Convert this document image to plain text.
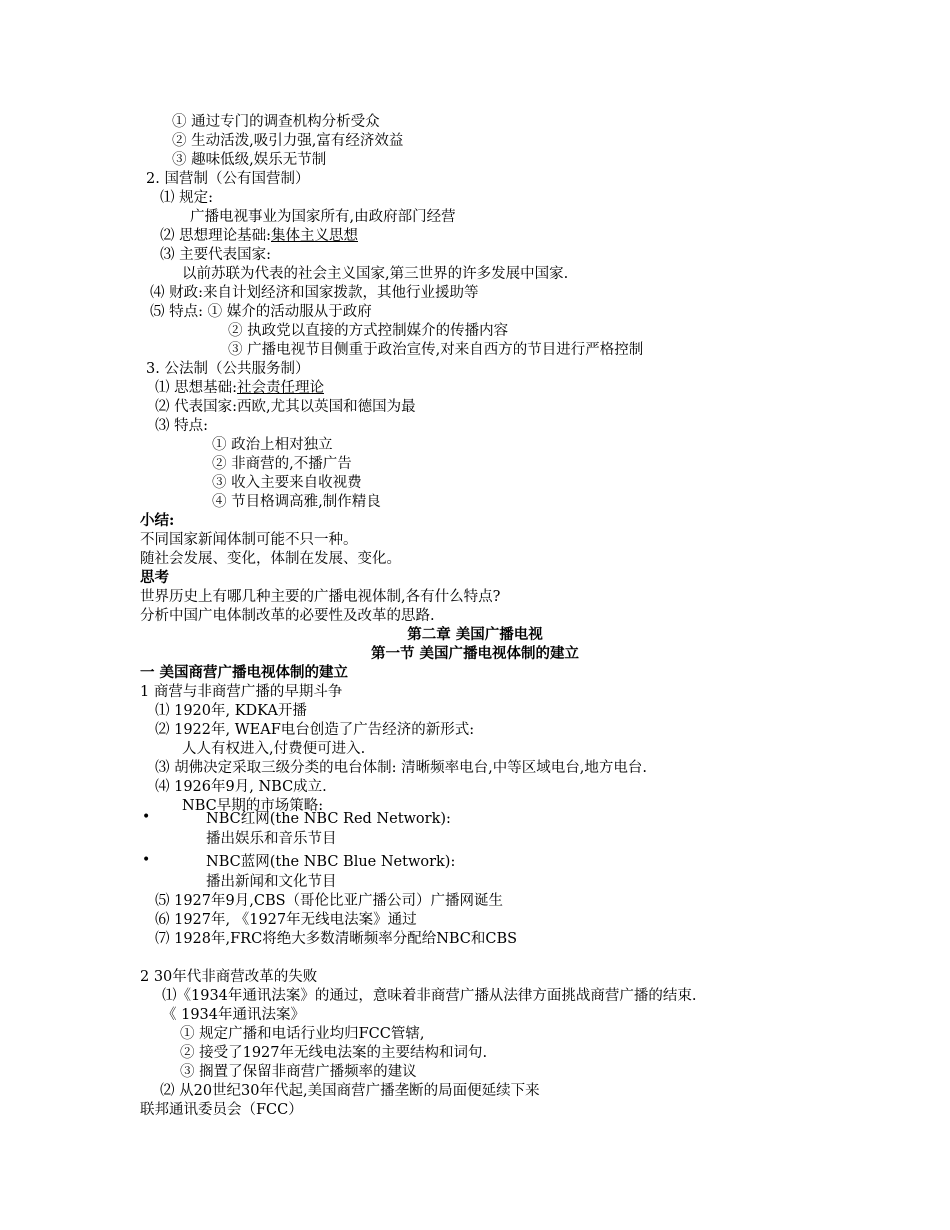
① 通过专门的调查机构分析受众
② 生动活泼,吸引力强,富有经济效益
③ 趣味低级,娱乐无节制
2. 国营制（公有国营制）
⑴ 规定:
广播电视事业为国家所有,由政府部门经营
⑵ 思想理论基础:集体主义思想
⑶ 主要代表国家:
以前苏联为代表的社会主义国家,第三世界的许多发展中国家.
⑷ 财政:来自计划经济和国家拨款，其他行业援助等
⑸ 特点: ① 媒介的活动服从于政府
② 执政党以直接的方式控制媒介的传播内容
③ 广播电视节目侧重于政治宣传,对来自西方的节目进行严格控制
3. 公法制（公共服务制）
⑴ 思想基础:社会责任理论
⑵ 代表国家:西欧,尤其以英国和德国为最
⑶ 特点:
① 政治上相对独立
② 非商营的,不播广告
③ 收入主要来自收视费
④ 节目格调高雅,制作精良
小结:
不同国家新闻体制可能不只一种。
随社会发展、变化，体制在发展、变化。
思考
世界历史上有哪几种主要的广播电视体制,各有什么特点?
分析中国广电体制改革的必要性及改革的思路.
第二章 美国广播电视
第一节 美国广播电视体制的建立
一 美国商营广播电视体制的建立
1 商营与非商营广播的早期斗争
⑴ 1920年, KDKA开播
⑵ 1922年, WEAF电台创造了广告经济的新形式:
人人有权进入,付费便可进入.
⑶ 胡佛决定采取三级分类的电台体制: 清晰频率电台,中等区域电台,地方电台.
⑷ 1926年9月, NBC成立.
NBC早期的市场策略:
•	NBC红网(the NBC Red Network):
播出娱乐和音乐节目
•	NBC蓝网(the NBC Blue Network):
播出新闻和文化节目
⑸ 1927年9月,CBS（哥伦比亚广播公司）广播网诞生
⑹ 1927年, 《1927年无线电法案》通过
⑺ 1928年,FRC将绝大多数清晰频率分配给NBC和CBS
2 30年代非商营改革的失败
⑴《1934年通讯法案》的通过，意味着非商营广播从法律方面挑战商营广播的结束.
《 1934年通讯法案》
① 规定广播和电话行业均归FCC管辖,
② 接受了1927年无线电法案的主要结构和词句.
③ 搁置了保留非商营广播频率的建议
⑵ 从20世纪30年代起,美国商营广播垄断的局面便延续下来
联邦通讯委员会（FCC）
